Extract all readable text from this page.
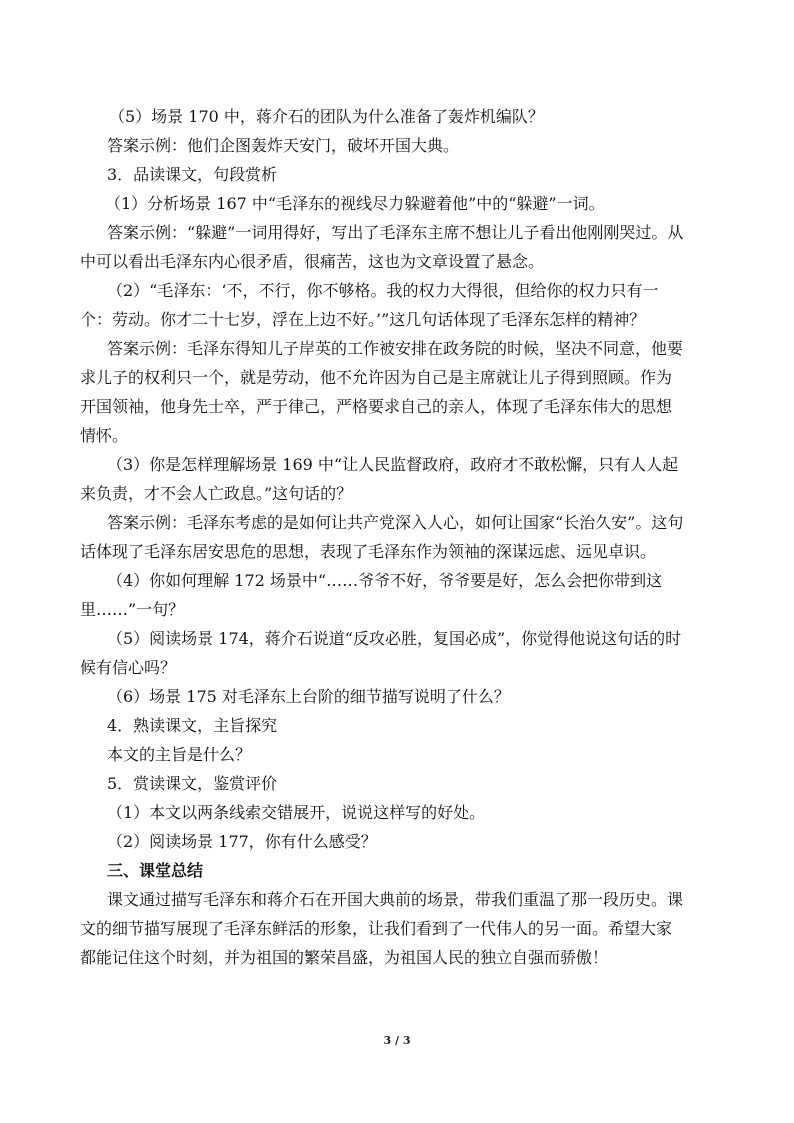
（5）场景 170 中，蒋介石的团队为什么准备了轰炸机编队？

答案示例：他们企图轰炸天安门，破坏开国大典。

3．品读课文，句段赏析

（1）分析场景 167 中“毛泽东的视线尽力躲避着他”中的“躲避”一词。

答案示例：“躲避”一词用得好，写出了毛泽东主席不想让儿子看出他刚刚哭过。从中可以看出毛泽东内心很矛盾，很痛苦，这也为文章设置了悬念。

（2）“毛泽东：‘不，不行，你不够格。我的权力大得很，但给你的权力只有一个：劳动。你才二十七岁，浮在上边不好。’”这几句话体现了毛泽东怎样的精神？

答案示例：毛泽东得知儿子岸英的工作被安排在政务院的时候，坚决不同意，他要求儿子的权利只一个，就是劳动，他不允许因为自己是主席就让儿子得到照顾。作为开国领袖，他身先士卒，严于律己，严格要求自己的亲人，体现了毛泽东伟大的思想情怀。

（3）你是怎样理解场景 169 中“让人民监督政府，政府才不敢松懈，只有人人起来负责，才不会人亡政息。”这句话的？

答案示例：毛泽东考虑的是如何让共产党深入人心，如何让国家“长治久安”。这句话体现了毛泽东居安思危的思想，表现了毛泽东作为领袖的深谋远虑、远见卓识。

（4）你如何理解 172 场景中“……爷爷不好，爷爷要是好，怎么会把你带到这里……”一句？

（5）阅读场景 174，蒋介石说道“反攻必胜，复国必成”，你觉得他说这句话的时候有信心吗？

（6）场景 175 对毛泽东上台阶的细节描写说明了什么？

4．熟读课文，主旨探究

本文的主旨是什么？

5．赏读课文，鉴赏评价

（1）本文以两条线索交错展开，说说这样写的好处。

（2）阅读场景 177，你有什么感受？

三、课堂总结

课文通过描写毛泽东和蒋介石在开国大典前的场景，带我们重温了那一段历史。课文的细节描写展现了毛泽东鲜活的形象，让我们看到了一代伟人的另一面。希望大家都能记住这个时刻，并为祖国的繁荣昌盛，为祖国人民的独立自强而骄傲！

3 / 3
